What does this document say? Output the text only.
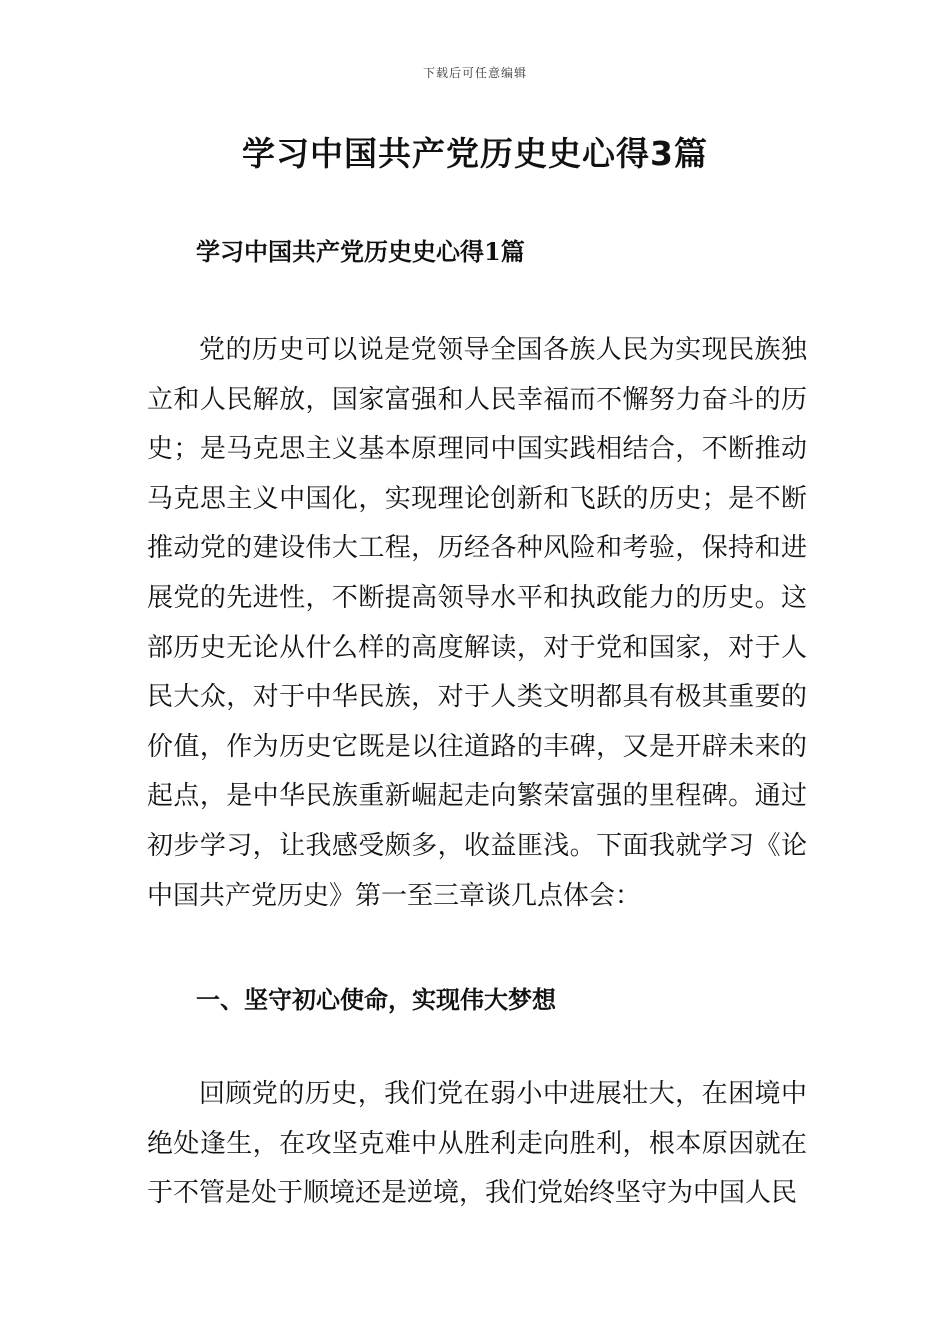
下载后可任意编辑
学习中国共产党历史史心得3篇
学习中国共产党历史史心得1篇

党的历史可以说是党领导全国各族人民为实现民族独立和人民解放，国家富强和人民幸福而不懈努力奋斗的历史；是马克思主义基本原理同中国实践相结合，不断推动马克思主义中国化，实现理论创新和飞跃的历史；是不断推动党的建设伟大工程，历经各种风险和考验，保持和进展党的先进性，不断提高领导水平和执政能力的历史。这部历史无论从什么样的高度解读，对于党和国家，对于人民大众，对于中华民族，对于人类文明都具有极其重要的价值，作为历史它既是以往道路的丰碑，又是开辟未来的起点，是中华民族重新崛起走向繁荣富强的里程碑。通过初步学习，让我感受颇多，收益匪浅。下面我就学习《论中国共产党历史》第一至三章谈几点体会：

一、坚守初心使命，实现伟大梦想

回顾党的历史，我们党在弱小中进展壮大，在困境中绝处逢生，在攻坚克难中从胜利走向胜利，根本原因就在于不管是处于顺境还是逆境，我们党始终坚守为中国人民
